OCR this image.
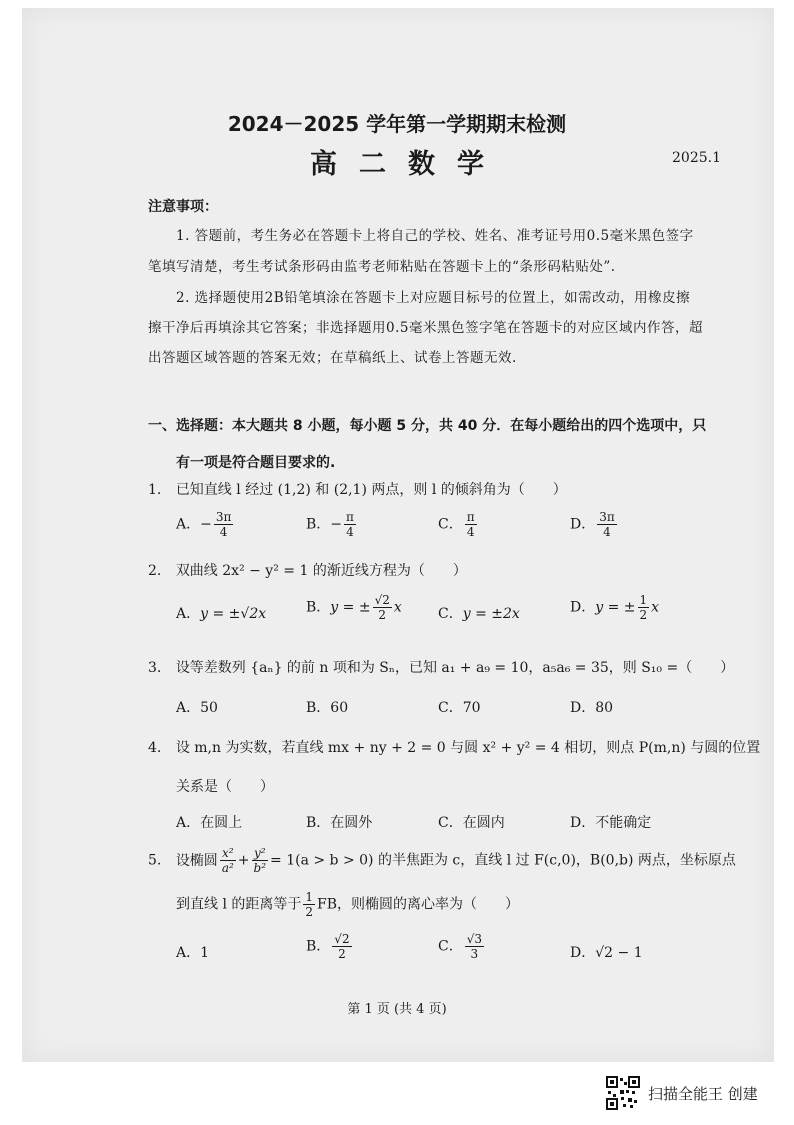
2024－2025 学年第一学期期末检测
高二数学	2025.1
注意事项：
1. 答题前，考生务必在答题卡上将自己的学校、姓名、准考证号用0.5毫米黑色签字
笔填写清楚，考生考试条形码由监考老师粘贴在答题卡上的“条形码粘贴处”.
2. 选择题使用2B铅笔填涂在答题卡上对应题目标号的位置上，如需改动，用橡皮擦
擦干净后再填涂其它答案；非选择题用0.5毫米黑色签字笔在答题卡的对应区域内作答，超
出答题区域答题的答案无效；在草稿纸上、试卷上答题无效.
一、选择题：本大题共 8 小题，每小题 5 分，共 40 分．在每小题给出的四个选项中，只
有一项是符合题目要求的.
1. 已知直线 l 经过 (1,2) 和 (2,1) 两点，则 l 的倾斜角为（　　）
A．− $\frac{3\pi}{4}$	B．− $\frac{\pi}{4}$	C． $\frac{\pi}{4}$	D． $\frac{3\pi}{4}$
2. 双曲线 2x² − y² = 1 的渐近线方程为（　　）
A．y = ±√2x	B．y = ± $\frac{√2}{2}$ x	C．y = ±2x	D．y = ± $\frac{1}{2}$ x
3. 设等差数列 {aₙ} 的前 n 项和为 Sₙ，已知 a₁ + a₉ = 10，a₅a₆ = 35，则 S₁₀ =（　　）
A．50	B．60	C．70	D．80
4. 设 m,n 为实数，若直线 mx + ny + 2 = 0 与圆 x² + y² = 4 相切，则点 P(m,n) 与圆的位置
关系是（　　）
A．在圆上	B．在圆外	C．在圆内	D．不能确定
5. 设椭圆 $\frac{\text{x²}}{\text{a²}} + \frac{\text{y²}}{\text{b²}} = 1(a > b > 0)$ 的半焦距为 c，直线 l 过 F(c,0)，B(0,b) 两点，坐标原点
到直线 l 的距离等于 $\frac{1}{2}$ FB，则椭圆的离心率为（　　）
A．1	B． $\frac{√2}{2}$	C． $\frac{√3}{3}$	D．√2 − 1
第 1 页 (共 4 页)
扫描全能王 创建
